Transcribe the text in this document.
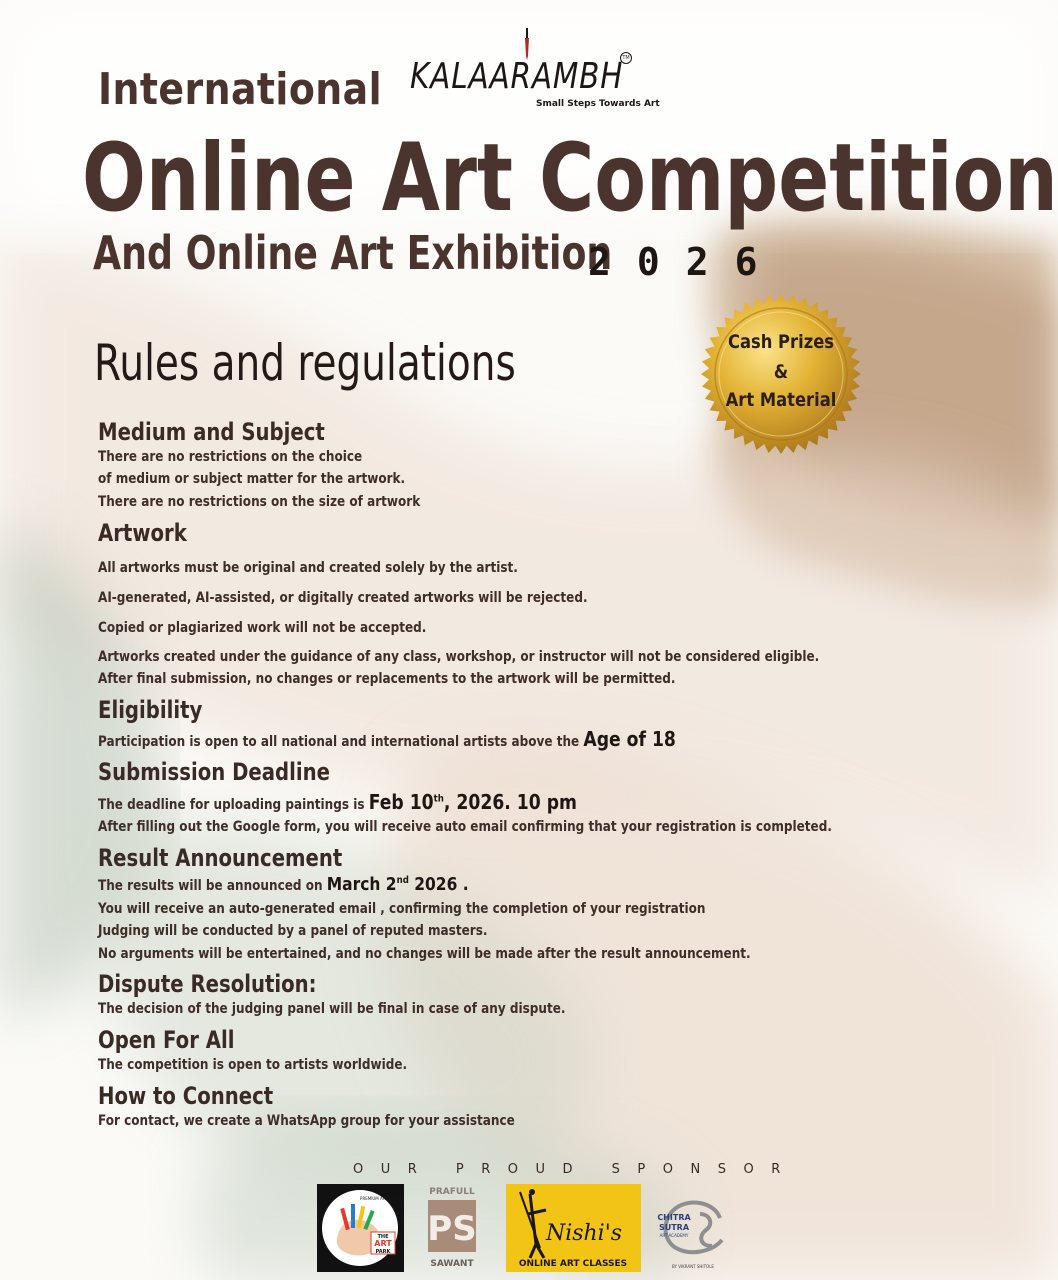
International KALAARAMBH TM
Small Steps Towards Art
Online Art Competition
And Online Art Exhibition
2026
Rules and regulations	Cash Prizes
&
Art Material
Medium and Subject
There are no restrictions on the choice
of medium or subject matter for the artwork.
There are no restrictions on the size of artwork
Artwork
All artworks must be original and created solely by the artist.
AI-generated, AI-assisted, or digitally created artworks will be rejected.
Copied or plagiarized work will not be accepted.
Artworks created under the guidance of any class, workshop, or instructor will not be considered eligible.
After final submission, no changes or replacements to the artwork will be permitted.
Eligibility
Participation is open to all national and international artists above the Age of 18
Submission Deadline
The deadline for uploading paintings is Feb 10th, 2026. 10 pm
After filling out the Google form, you will receive auto email confirming that your registration is completed.
Result Announcement
The results will be announced on March 2nd 2026 .
You will receive an auto-generated email , confirming the completion of your registration
Judging will be conducted by a panel of reputed masters.
No arguments will be entertained, and no changes will be made after the result announcement.
Dispute Resolution:
The decision of the judging panel will be final in case of any dispute.
Open For All
The competition is open to artists worldwide.
How to Connect
For contact, we create a WhatsApp group for your assistance
OUR PROUD SPONSOR
PREMIUM ARTS SUPPLY
THE
ART
PARK
PRAFULL
PS
SAWANT
Nishi's
ONLINE ART CLASSES
CHITRA
SUTRA
ART ACADEMY
BY VIKRANT SHITOLE
